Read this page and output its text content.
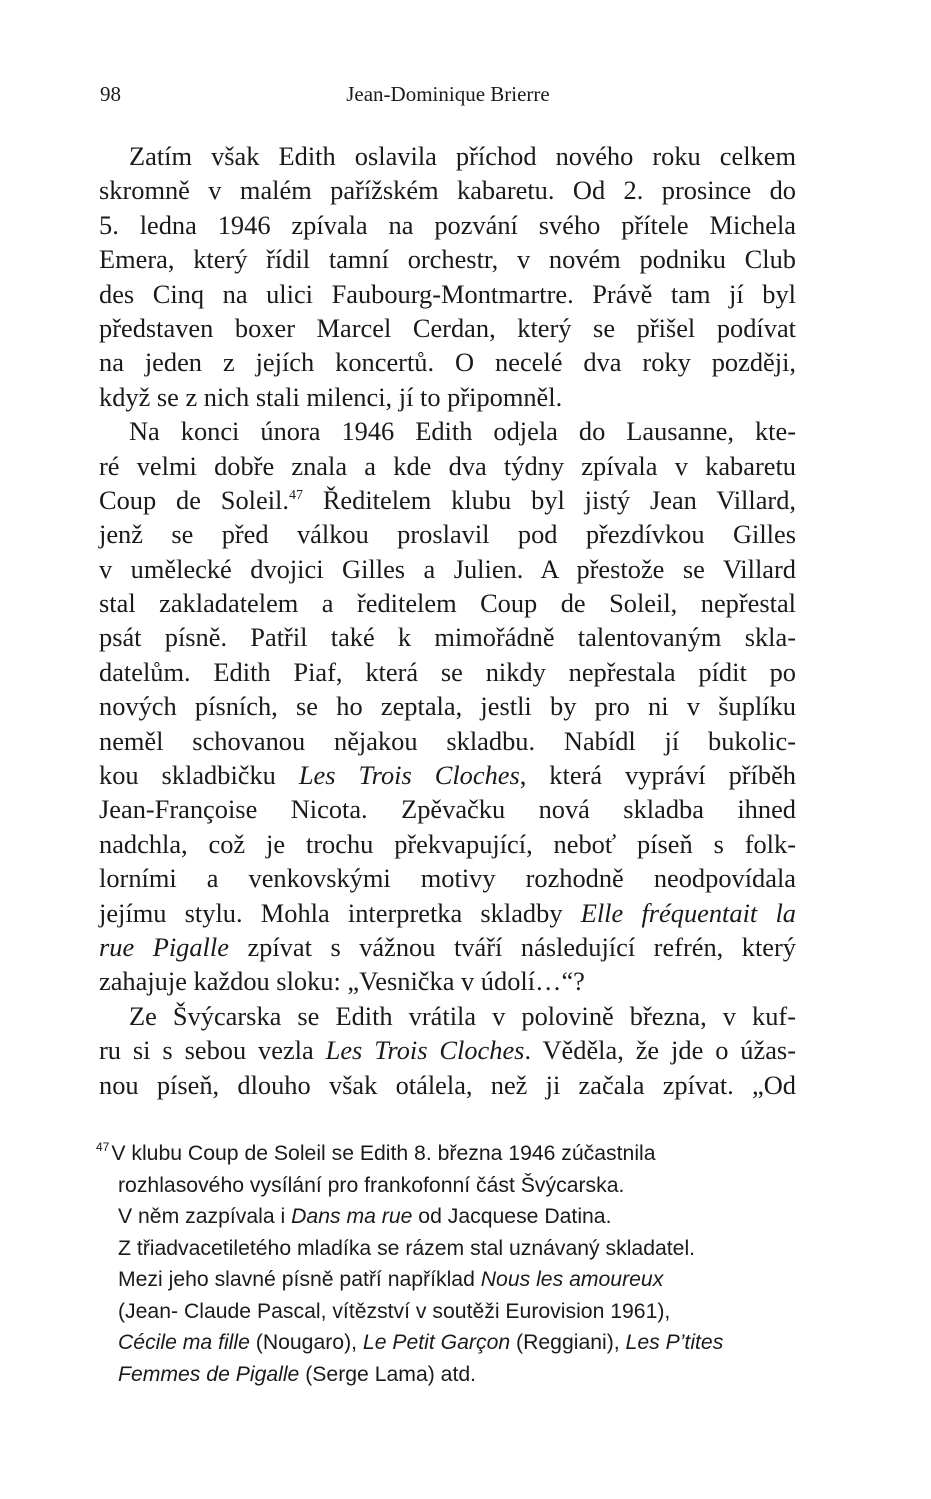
98	Jean-Dominique Brierre
Zatím však Edith oslavila příchod nového roku celkem
skromně v malém pařížském kabaretu. Od 2. prosince do
5. ledna 1946 zpívala na pozvání svého přítele Michela
Emera, který řídil tamní orchestr, v novém podniku Club
des Cinq na ulici Faubourg-Montmartre. Právě tam jí byl
představen boxer Marcel Cerdan, který se přišel podívat
na jeden z jejích koncertů. O necelé dva roky později,
když se z nich stali milenci, jí to připomněl.
Na konci února 1946 Edith odjela do Lausanne, kte-
ré velmi dobře znala a kde dva týdny zpívala v kabaretu
Coup de Soleil.$^{47}$ Ředitelem klubu byl jistý Jean Villard,
jenž se před válkou proslavil pod přezdívkou Gilles
v umělecké dvojici Gilles a Julien. A přestože se Villard
stal zakladatelem a ředitelem Coup de Soleil, nepřestal
psát písně. Patřil také k mimořádně talentovaným skla-
datelům. Edith Piaf, která se nikdy nepřestala pídit po
nových písních, se ho zeptala, jestli by pro ni v šuplíku
neměl schovanou nějakou skladbu. Nabídl jí bukolic-
kou skladbičku Les Trois Cloches, která vypráví příběh
Jean-Françoise Nicota. Zpěvačku nová skladba ihned
nadchla, což je trochu překvapující, neboť píseň s folk-
lorními a venkovskými motivy rozhodně neodpovídala
jejímu stylu. Mohla interpretka skladby Elle fréquentait la
rue Pigalle zpívat s vážnou tváří následující refrén, který
zahajuje každou sloku: „Vesnička v údolí…“?
Ze Švýcarska se Edith vrátila v polovině března, v kuf-
ru si s sebou vezla Les Trois Cloches. Věděla, že jde o úžas-
nou píseň, dlouho však otálela, než ji začala zpívat. „Od
$^{47}$V klubu Coup de Soleil se Edith 8. března 1946 zúčastnila
rozhlasového vysílání pro frankofonní část Švýcarska.
V něm zazpívala i Dans ma rue od Jacquese Datina.
Z třiadvacetiletého mladíka se rázem stal uznávaný skladatel.
Mezi jeho slavné písně patří například Nous les amoureux
(Jean- Claude Pascal, vítězství v soutěži Eurovision 1961),
Cécile ma fille (Nougaro), Le Petit Garçon (Reggiani), Les P’tites
Femmes de Pigalle (Serge Lama) atd.
